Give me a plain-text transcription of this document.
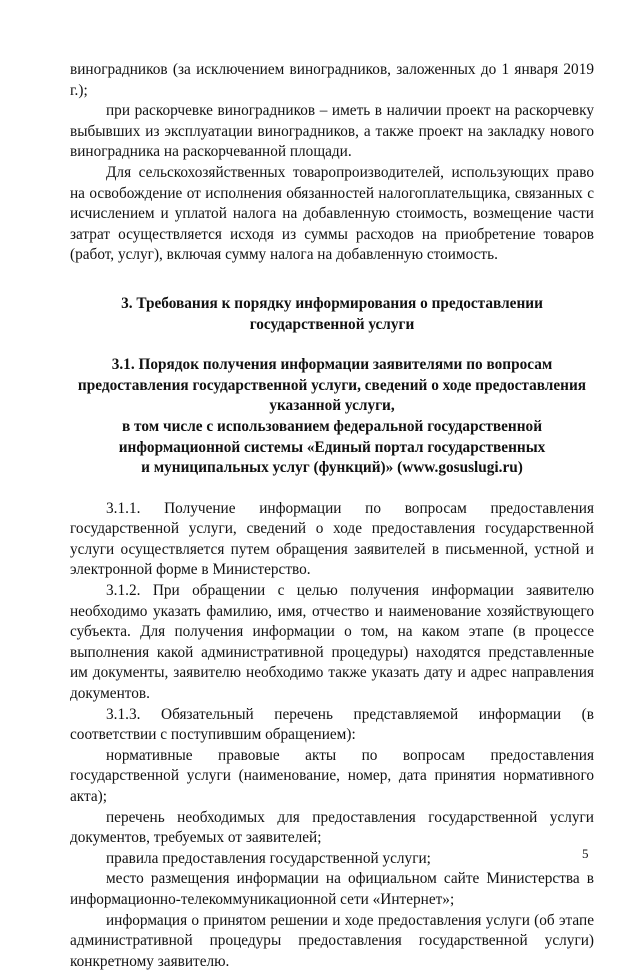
виноградников (за исключением виноградников, заложенных до 1 января 2019 г.);

при раскорчевке виноградников – иметь в наличии проект на раскорчевку выбывших из эксплуатации виноградников, а также проект на закладку нового виноградника на раскорчеванной площади.

Для сельскохозяйственных товаропроизводителей, использующих право на освобождение от исполнения обязанностей налогоплательщика, связанных с исчислением и уплатой налога на добавленную стоимость, возмещение части затрат осуществляется исходя из суммы расходов на приобретение товаров (работ, услуг), включая сумму налога на добавленную стоимость.

3. Требования к порядку информирования о предоставлении
государственной услуги
3.1. Порядок получения информации заявителями по вопросам
предоставления государственной услуги, сведений о ходе предоставления
указанной услуги,
в том числе с использованием федеральной государственной
информационной системы «Единый портал государственных
и муниципальных услуг (функций)» (www.gosuslugi.ru)

3.1.1. Получение информации по вопросам предоставления государственной услуги, сведений о ходе предоставления государственной услуги осуществляется путем обращения заявителей в письменной, устной и электронной форме в Министерство.

3.1.2. При обращении с целью получения информации заявителю необходимо указать фамилию, имя, отчество и наименование хозяйствующего субъекта. Для получения информации о том, на каком этапе (в процессе выполнения какой административной процедуры) находятся представленные им документы, заявителю необходимо также указать дату и адрес направления документов.

3.1.3. Обязательный перечень представляемой информации (в соответствии с поступившим обращением):

нормативные правовые акты по вопросам предоставления государственной услуги (наименование, номер, дата принятия нормативного акта);

перечень необходимых для предоставления государственной услуги документов, требуемых от заявителей;

правила предоставления государственной услуги;

место размещения информации на официальном сайте Министерства в информационно-телекоммуникационной сети «Интернет»;

информация о принятом решении и ходе предоставления услуги (об этапе административной процедуры предоставления государственной услуги) конкретному заявителю.

5
